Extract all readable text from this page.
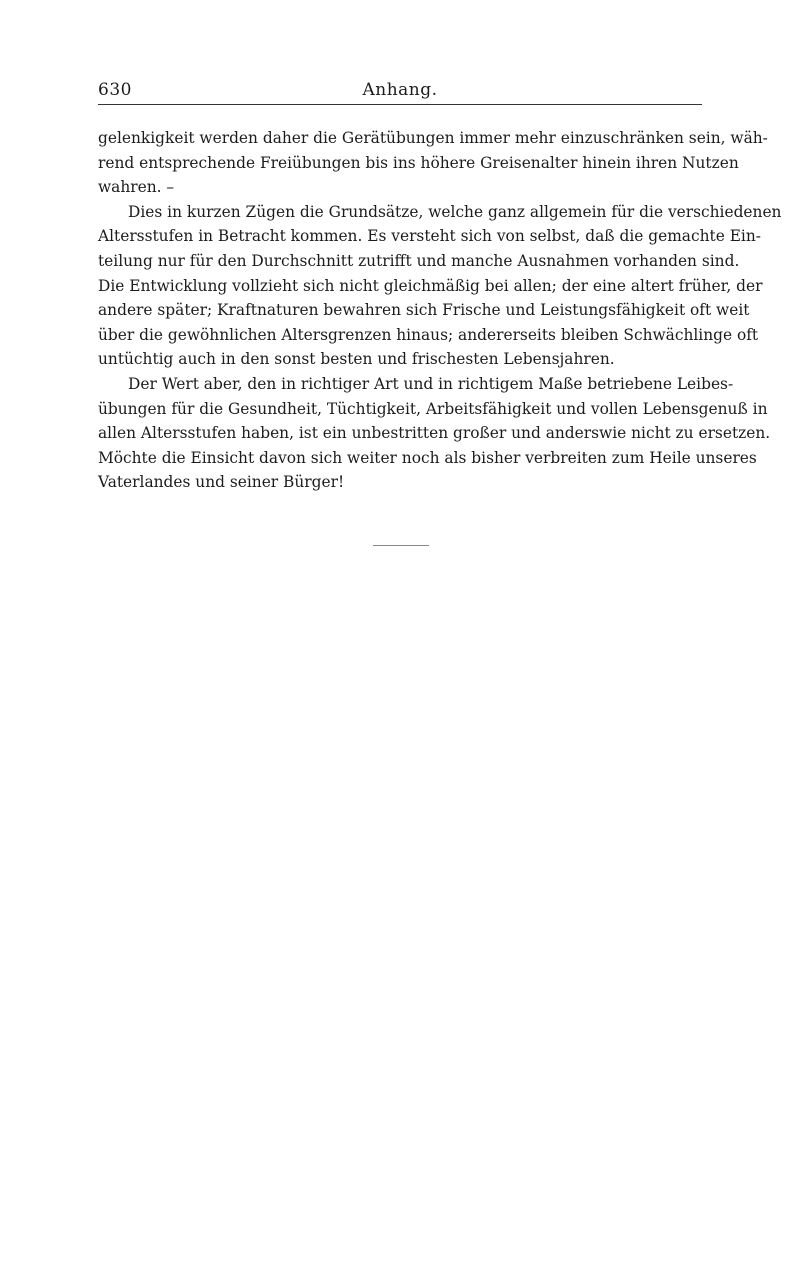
630	Anhang.
gelenkigkeit werden daher die Gerätübungen immer mehr einzuschränken sein, wäh-
rend entsprechende Freiübungen bis ins höhere Greisenalter hinein ihren Nutzen
wahren. –
Dies in kurzen Zügen die Grundsätze, welche ganz allgemein für die verschiedenen
Altersstufen in Betracht kommen. Es versteht sich von selbst, daß die gemachte Ein-
teilung nur für den Durchschnitt zutrifft und manche Ausnahmen vorhanden sind.
Die Entwicklung vollzieht sich nicht gleichmäßig bei allen; der eine altert früher, der
andere später; Kraftnaturen bewahren sich Frische und Leistungsfähigkeit oft weit
über die gewöhnlichen Altersgrenzen hinaus; andererseits bleiben Schwächlinge oft
untüchtig auch in den sonst besten und frischesten Lebensjahren.
Der Wert aber, den in richtiger Art und in richtigem Maße betriebene Leibes-
übungen für die Gesundheit, Tüchtigkeit, Arbeitsfähigkeit und vollen Lebensgenuß in
allen Altersstufen haben, ist ein unbestritten großer und anderswie nicht zu ersetzen.
Möchte die Einsicht davon sich weiter noch als bisher verbreiten zum Heile unseres
Vaterlandes und seiner Bürger!
